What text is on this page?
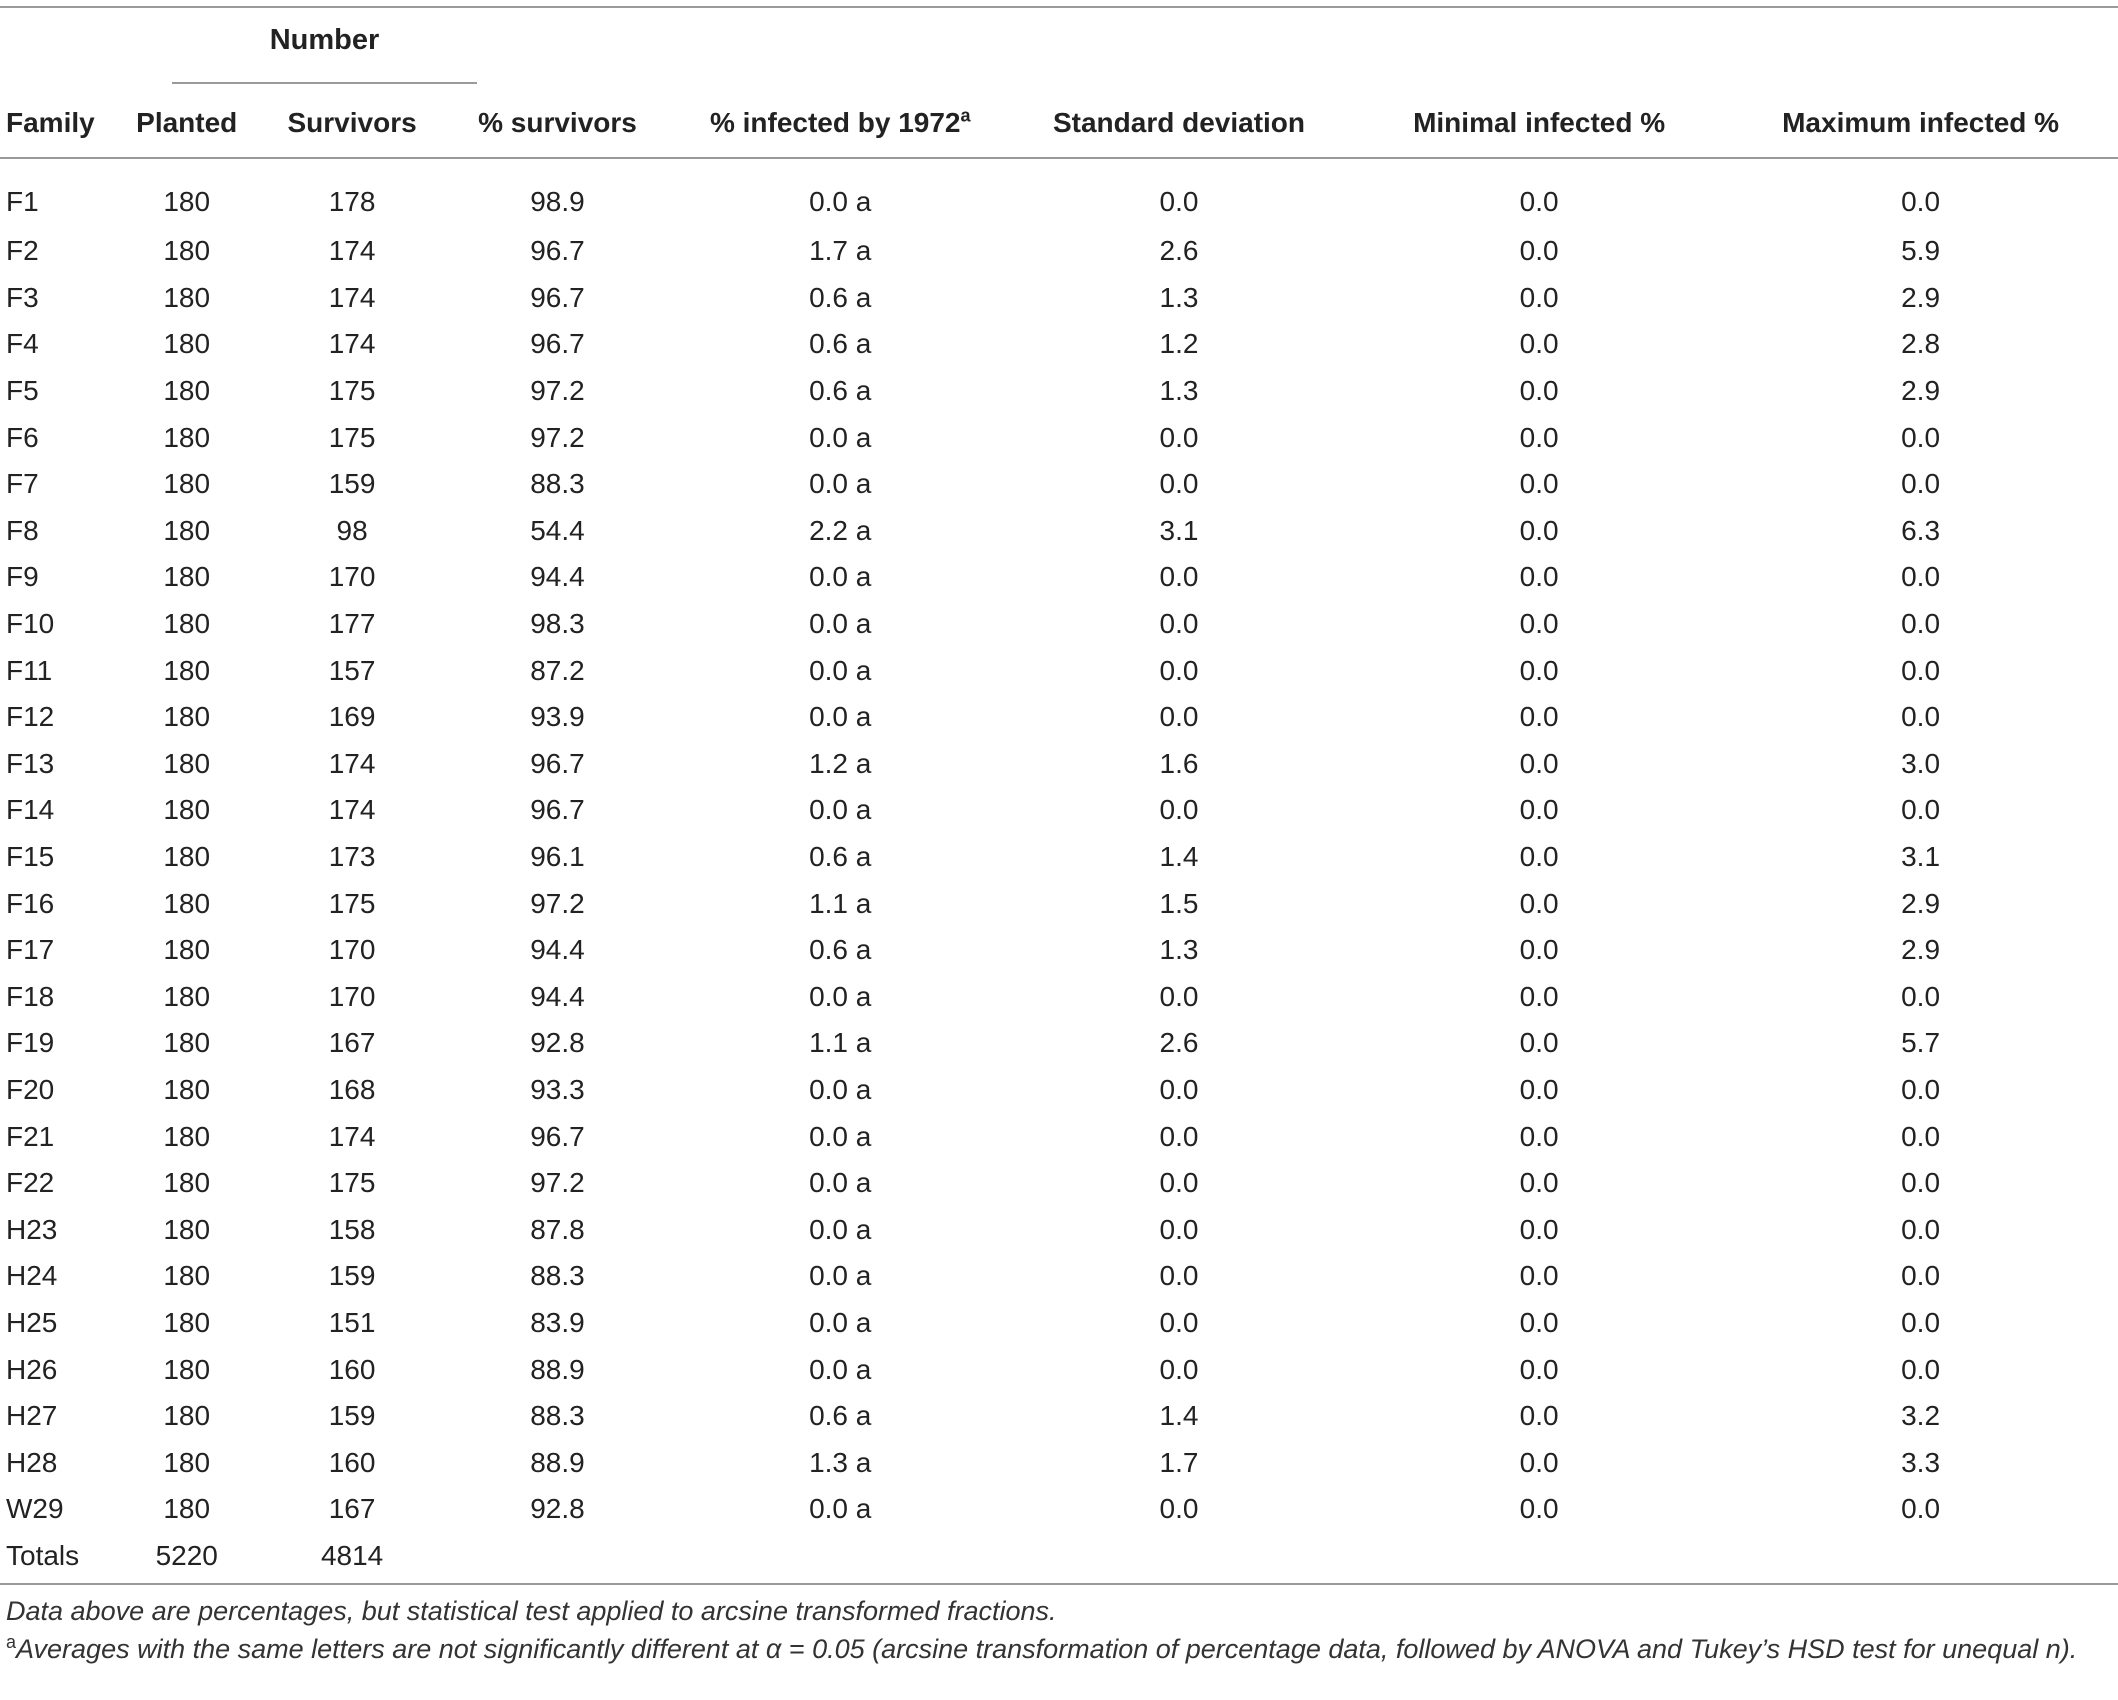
Number
Family	Planted	Survivors	% survivors	% infected by 1972$^a$	Standard deviation	Minimal infected %	Maximum infected %
F1	180	178	98.9	0.0 a	0.0	0.0	0.0
F2	180	174	96.7	1.7 a	2.6	0.0	5.9
F3	180	174	96.7	0.6 a	1.3	0.0	2.9
F4	180	174	96.7	0.6 a	1.2	0.0	2.8
F5	180	175	97.2	0.6 a	1.3	0.0	2.9
F6	180	175	97.2	0.0 a	0.0	0.0	0.0
F7	180	159	88.3	0.0 a	0.0	0.0	0.0
F8	180	98	54.4	2.2 a	3.1	0.0	6.3
F9	180	170	94.4	0.0 a	0.0	0.0	0.0
F10	180	177	98.3	0.0 a	0.0	0.0	0.0
F11	180	157	87.2	0.0 a	0.0	0.0	0.0
F12	180	169	93.9	0.0 a	0.0	0.0	0.0
F13	180	174	96.7	1.2 a	1.6	0.0	3.0
F14	180	174	96.7	0.0 a	0.0	0.0	0.0
F15	180	173	96.1	0.6 a	1.4	0.0	3.1
F16	180	175	97.2	1.1 a	1.5	0.0	2.9
F17	180	170	94.4	0.6 a	1.3	0.0	2.9
F18	180	170	94.4	0.0 a	0.0	0.0	0.0
F19	180	167	92.8	1.1 a	2.6	0.0	5.7
F20	180	168	93.3	0.0 a	0.0	0.0	0.0
F21	180	174	96.7	0.0 a	0.0	0.0	0.0
F22	180	175	97.2	0.0 a	0.0	0.0	0.0
H23	180	158	87.8	0.0 a	0.0	0.0	0.0
H24	180	159	88.3	0.0 a	0.0	0.0	0.0
H25	180	151	83.9	0.0 a	0.0	0.0	0.0
H26	180	160	88.9	0.0 a	0.0	0.0	0.0
H27	180	159	88.3	0.6 a	1.4	0.0	3.2
H28	180	160	88.9	1.3 a	1.7	0.0	3.3
W29	180	167	92.8	0.0 a	0.0	0.0	0.0
Totals	5220	4814					

Data above are percentages, but statistical test applied to arcsine transformed fractions.

$^a$Averages with the same letters are not significantly different at α = 0.05 (arcsine transformation of percentage data, followed by ANOVA and Tukey’s HSD test for unequal n).
